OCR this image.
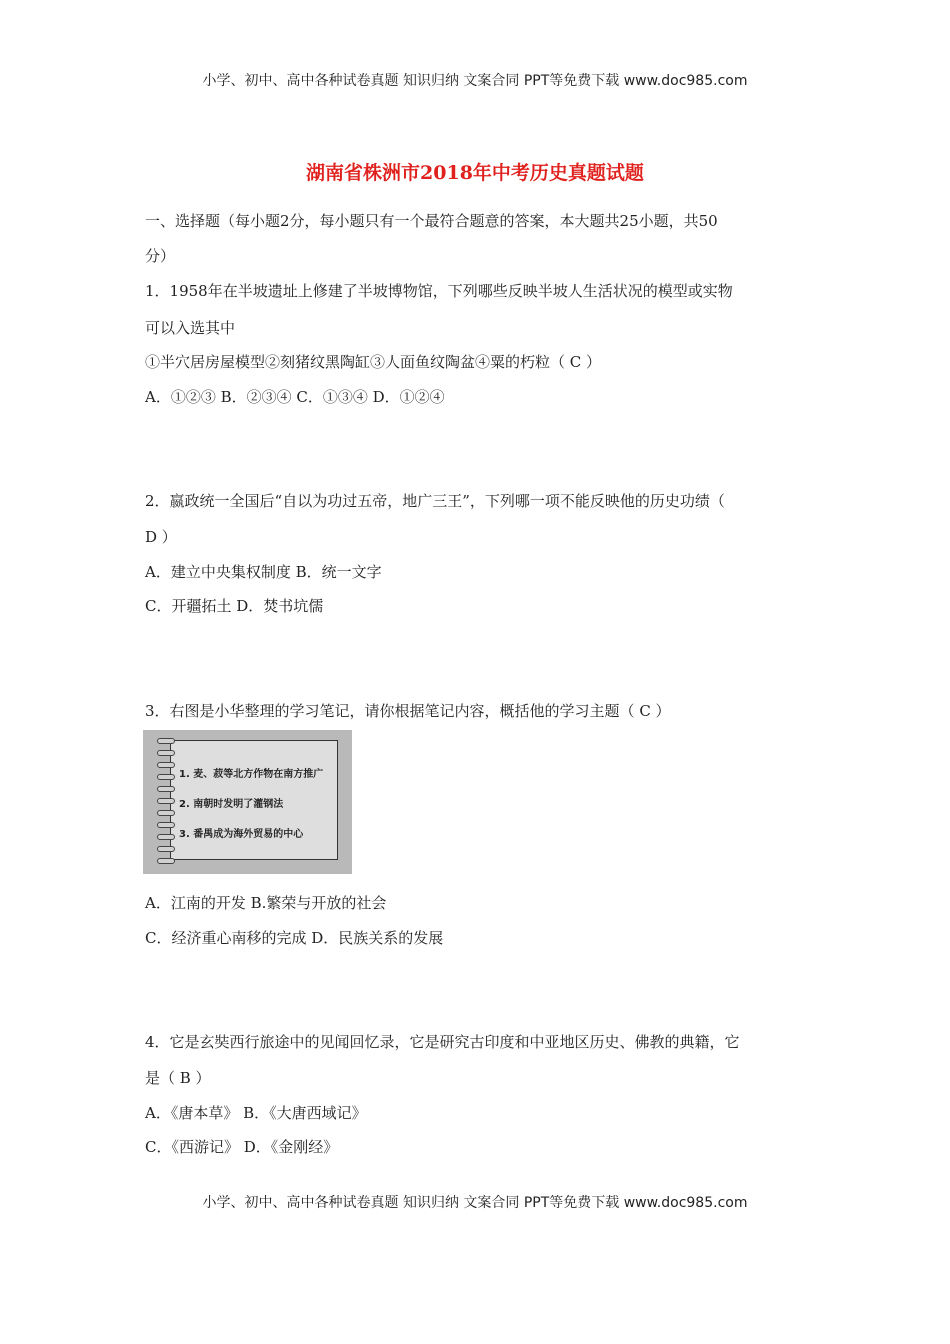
小学、初中、高中各种试卷真题 知识归纳 文案合同 PPT等免费下载 www.doc985.com
湖南省株洲市2018年中考历史真题试题
一、选择题（每小题2分，每小题只有一个最符合题意的答案，本大题共25小题，共50
分）
1．1958年在半坡遗址上修建了半坡博物馆，下列哪些反映半坡人生活状况的模型或实物
可以入选其中
①半穴居房屋模型②刻猪纹黑陶缸③人面鱼纹陶盆④粟的朽粒（ C ）
A．①②③ B．②③④ C．①③④ D．①②④
2．嬴政统一全国后“自以为功过五帝，地广三王”，下列哪一项不能反映他的历史功绩（
D ）
A．建立中央集权制度 B．统一文字
C．开疆拓土 D．焚书坑儒
3．右图是小华整理的学习笔记，请你根据笔记内容，概括他的学习主题（ C ）
1. 麦、菽等北方作物在南方推广
2. 南朝时发明了灌钢法
3. 番禺成为海外贸易的中心
A．江南的开发 B.繁荣与开放的社会
C．经济重心南移的完成 D．民族关系的发展
4．它是玄奘西行旅途中的见闻回忆录，它是研究古印度和中亚地区历史、佛教的典籍，它
是（ B ）
A．《唐本草》 B．《大唐西域记》
C．《西游记》 D．《金刚经》
小学、初中、高中各种试卷真题 知识归纳 文案合同 PPT等免费下载 www.doc985.com
